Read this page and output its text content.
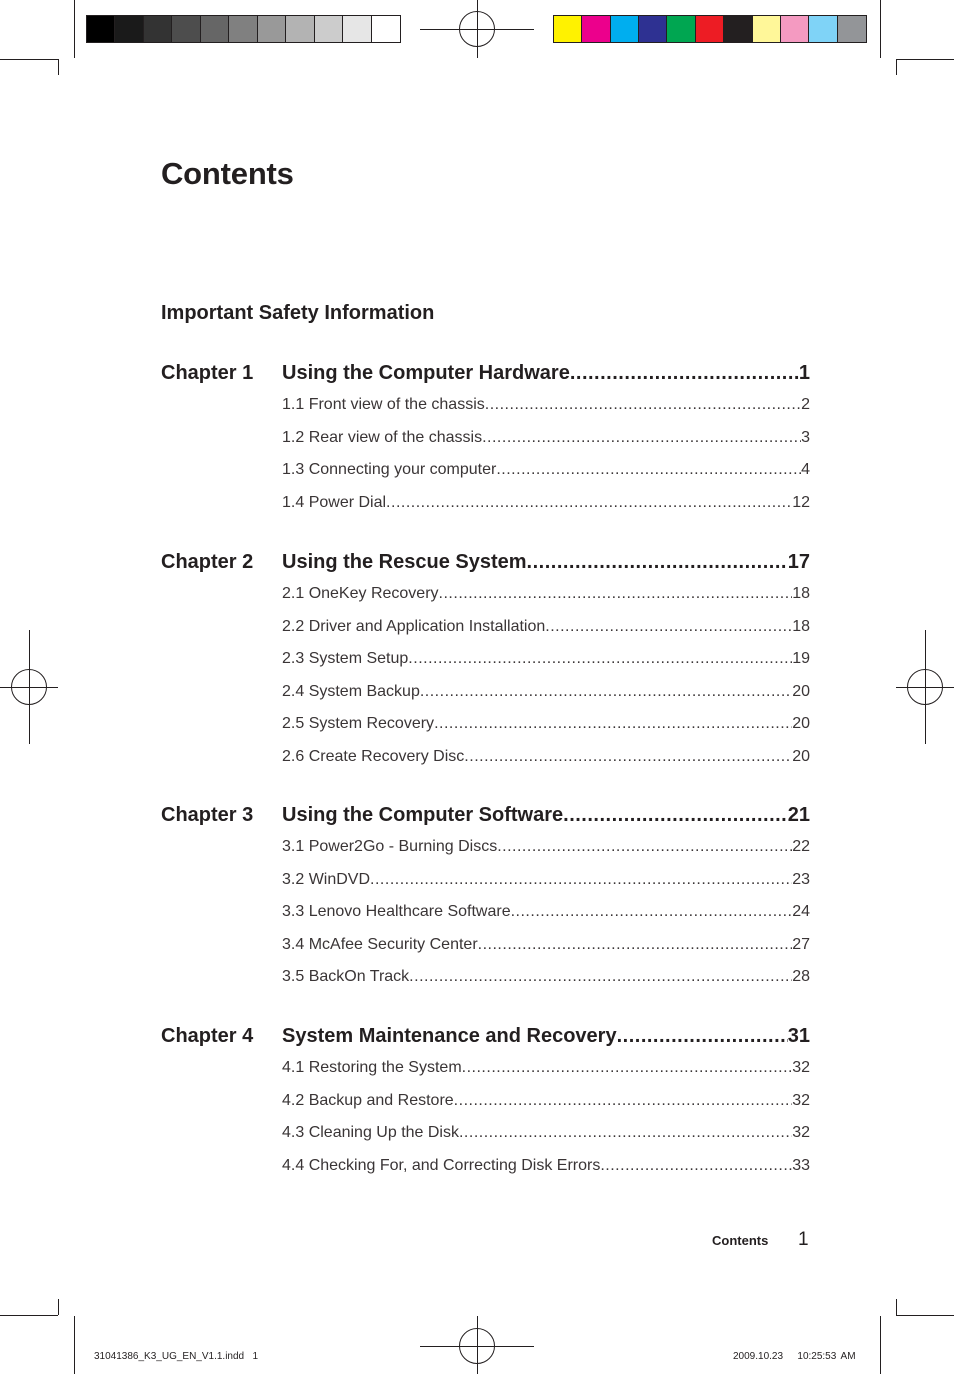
Contents
Important Safety Information
Chapter 1 Using the Computer Hardware .....	1
1.1 Front view of the chassis .....	2
1.2 Rear view of the chassis .....	3
1.3 Connecting your computer .....	4
1.4 Power Dial .....	12
Chapter 2 Using the Rescue System .....	17
2.1 OneKey Recovery .....	18
2.2 Driver and Application Installation .....	18
2.3 System Setup .....	19
2.4 System Backup .....	20
2.5 System Recovery .....	20
2.6 Create Recovery Disc .....	20
Chapter 3 Using the Computer Software .....	21
3.1 Power2Go - Burning Discs .....	22
3.2 WinDVD .....	23
3.3 Lenovo Healthcare Software .....	24
3.4 McAfee Security Center .....	27
3.5 BackOn Track .....	28
Chapter 4 System Maintenance and Recovery .....	31
4.1 Restoring the System .....	32
4.2 Backup and Restore .....	32
4.3 Cleaning Up the Disk .....	32
4.4 Checking For, and Correcting Disk Errors .....	33
Contents 1
31041386_K3_UG_EN_V1.1.indd   1	2009.10.23   10:25:53 AM
